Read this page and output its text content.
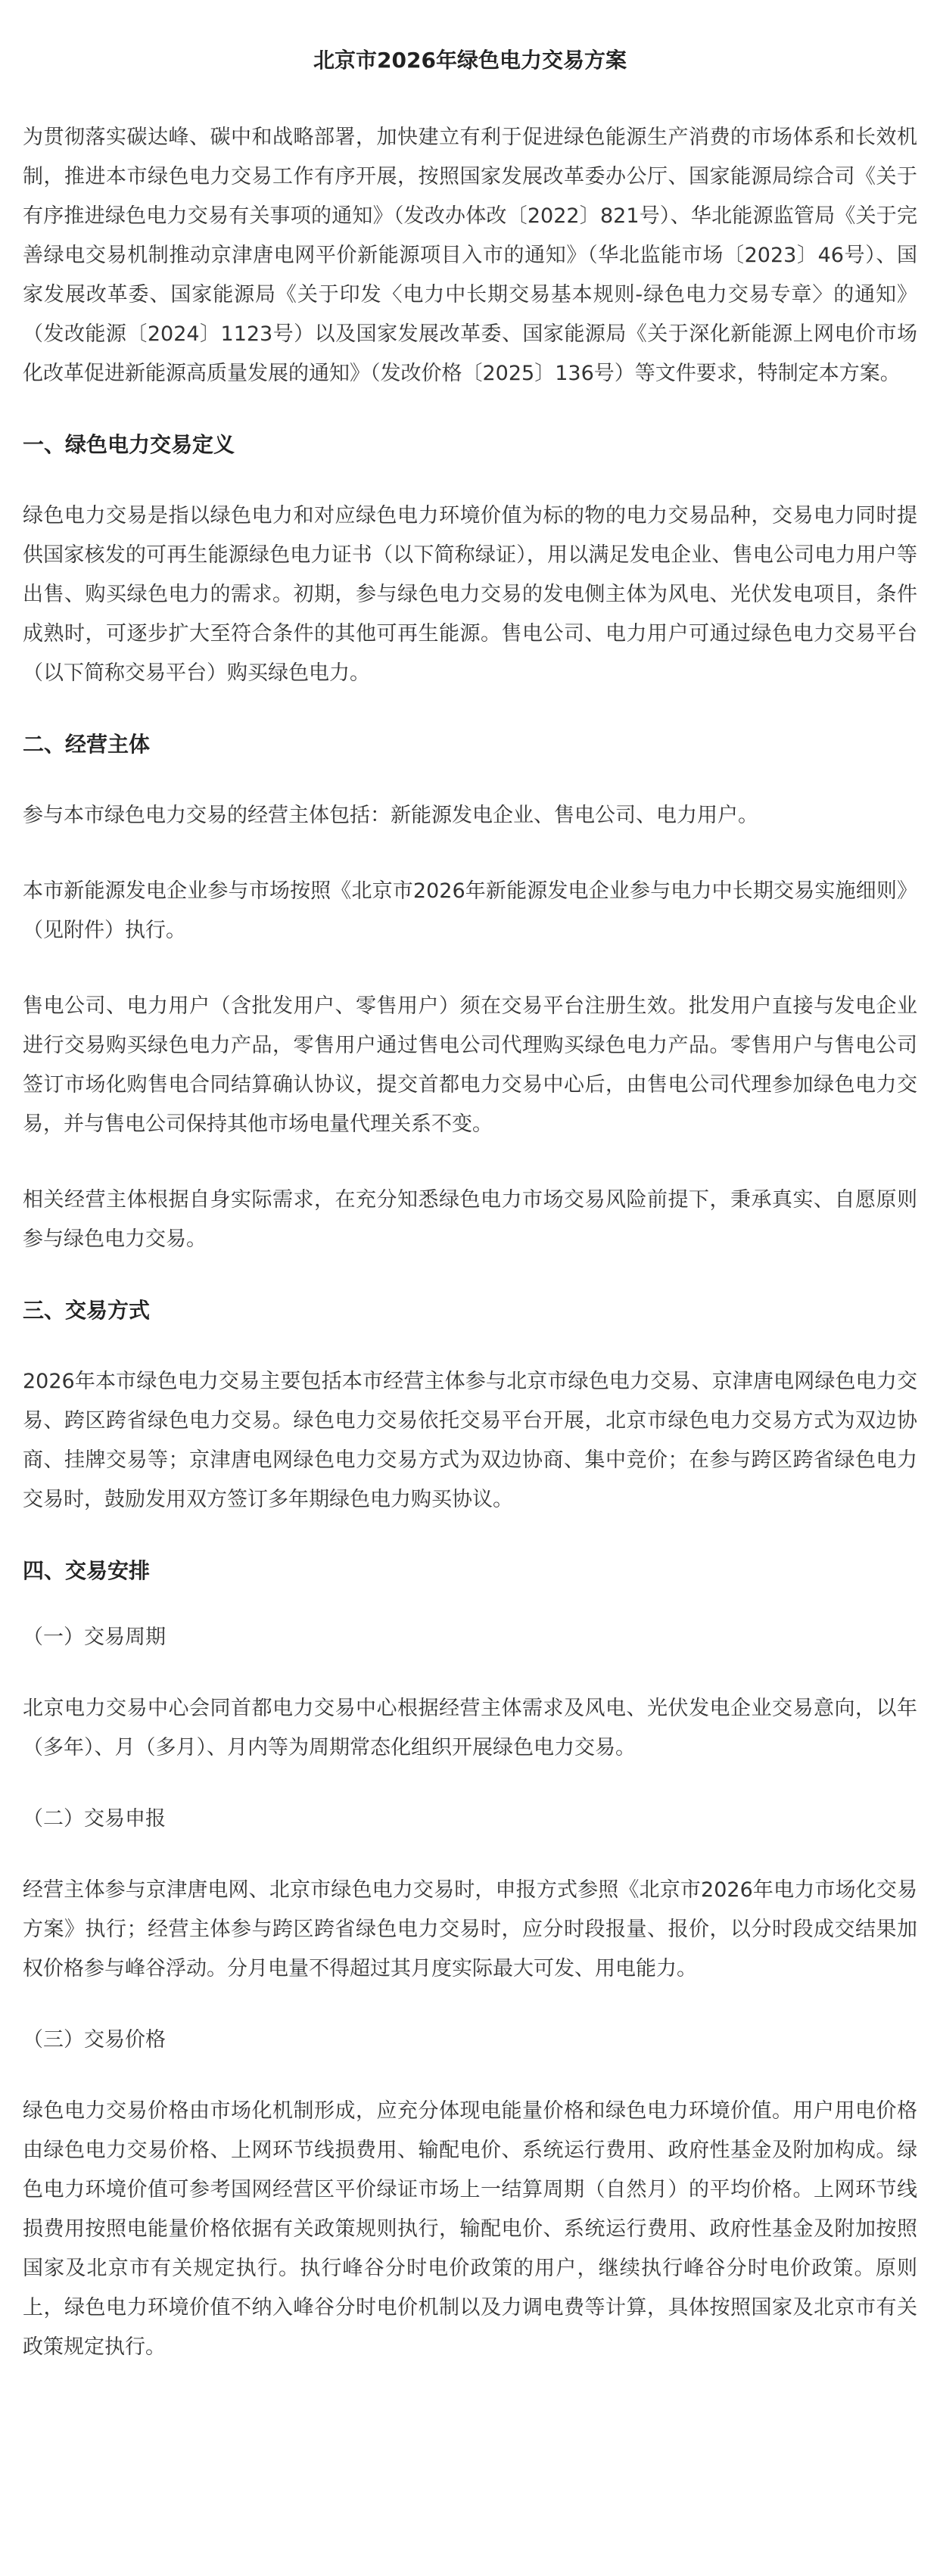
北京市2026年绿色电力交易方案

为贯彻落实碳达峰、碳中和战略部署，加快建立有利于促进绿色能源生产消费的市场体系和长效机制，推进本市绿色电力交易工作有序开展，按照国家发展改革委办公厅、国家能源局综合司《关于有序推进绿色电力交易有关事项的通知》（发改办体改〔2022〕821号）、华北能源监管局《关于完善绿电交易机制推动京津唐电网平价新能源项目入市的通知》（华北监能市场〔2023〕46号）、国家发展改革委、国家能源局《关于印发〈电力中长期交易基本规则-绿色电力交易专章〉的通知》（发改能源〔2024〕1123号）以及国家发展改革委、国家能源局《关于深化新能源上网电价市场化改革促进新能源高质量发展的通知》（发改价格〔2025〕136号）等文件要求，特制定本方案。

一、绿色电力交易定义

绿色电力交易是指以绿色电力和对应绿色电力环境价值为标的物的电力交易品种，交易电力同时提供国家核发的可再生能源绿色电力证书（以下简称绿证），用以满足发电企业、售电公司电力用户等出售、购买绿色电力的需求。初期，参与绿色电力交易的发电侧主体为风电、光伏发电项目，条件成熟时，可逐步扩大至符合条件的其他可再生能源。售电公司、电力用户可通过绿色电力交易平台（以下简称交易平台）购买绿色电力。

二、经营主体

参与本市绿色电力交易的经营主体包括：新能源发电企业、售电公司、电力用户。

本市新能源发电企业参与市场按照《北京市2026年新能源发电企业参与电力中长期交易实施细则》（见附件）执行。

售电公司、电力用户（含批发用户、零售用户）须在交易平台注册生效。批发用户直接与发电企业进行交易购买绿色电力产品，零售用户通过售电公司代理购买绿色电力产品。零售用户与售电公司签订市场化购售电合同结算确认协议，提交首都电力交易中心后，由售电公司代理参加绿色电力交易，并与售电公司保持其他市场电量代理关系不变。

相关经营主体根据自身实际需求，在充分知悉绿色电力市场交易风险前提下，秉承真实、自愿原则参与绿色电力交易。

三、交易方式

2026年本市绿色电力交易主要包括本市经营主体参与北京市绿色电力交易、京津唐电网绿色电力交易、跨区跨省绿色电力交易。绿色电力交易依托交易平台开展，北京市绿色电力交易方式为双边协商、挂牌交易等；京津唐电网绿色电力交易方式为双边协商、集中竞价；在参与跨区跨省绿色电力交易时，鼓励发用双方签订多年期绿色电力购买协议。

四、交易安排
（一）交易周期

北京电力交易中心会同首都电力交易中心根据经营主体需求及风电、光伏发电企业交易意向，以年（多年）、月（多月）、月内等为周期常态化组织开展绿色电力交易。

（二）交易申报

经营主体参与京津唐电网、北京市绿色电力交易时，申报方式参照《北京市2026年电力市场化交易方案》执行；经营主体参与跨区跨省绿色电力交易时，应分时段报量、报价，以分时段成交结果加权价格参与峰谷浮动。分月电量不得超过其月度实际最大可发、用电能力。

（三）交易价格

绿色电力交易价格由市场化机制形成，应充分体现电能量价格和绿色电力环境价值。用户用电价格由绿色电力交易价格、上网环节线损费用、输配电价、系统运行费用、政府性基金及附加构成。绿色电力环境价值可参考国网经营区平价绿证市场上一结算周期（自然月）的平均价格。上网环节线损费用按照电能量价格依据有关政策规则执行，输配电价、系统运行费用、政府性基金及附加按照国家及北京市有关规定执行。执行峰谷分时电价政策的用户，继续执行峰谷分时电价政策。原则上，绿色电力环境价值不纳入峰谷分时电价机制以及力调电费等计算，具体按照国家及北京市有关政策规定执行。
